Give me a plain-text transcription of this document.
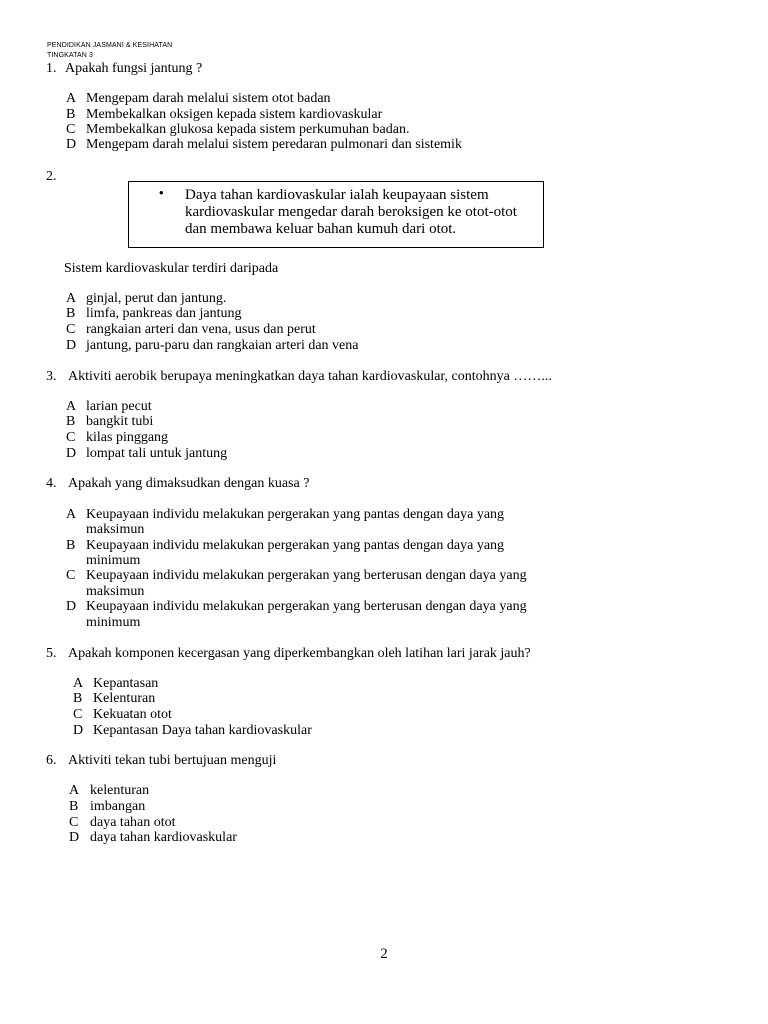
PENDIDIKAN JASMANI & KESIHATAN
TINGKATAN 3
1. Apakah fungsi jantung ?
A Mengepam darah melalui sistem otot badan
B Membekalkan oksigen kepada sistem kardiovaskular
C Membekalkan glukosa kepada sistem perkumuhan badan.
D Mengepam darah melalui sistem peredaran pulmonari dan sistemik
2.
• Daya tahan kardiovaskular ialah keupayaan sistem
kardiovaskular mengedar darah beroksigen ke otot-otot
dan membawa keluar bahan kumuh dari otot.
Sistem kardiovaskular terdiri daripada
A ginjal, perut dan jantung.
B limfa, pankreas dan jantung
C rangkaian arteri dan vena, usus dan perut
D jantung, paru-paru dan rangkaian arteri dan vena
3. Aktiviti aerobik berupaya meningkatkan daya tahan kardiovaskular, contohnya ……...
A larian pecut
B bangkit tubi
C kilas pinggang
D lompat tali untuk jantung
4. Apakah yang dimaksudkan dengan kuasa ?
A Keupayaan individu melakukan pergerakan yang pantas dengan daya yang
maksimun
B Keupayaan individu melakukan pergerakan yang pantas dengan daya yang
minimum
C Keupayaan individu melakukan pergerakan yang berterusan dengan daya yang
maksimun
D Keupayaan individu melakukan pergerakan yang berterusan dengan daya yang
minimum
5. Apakah komponen kecergasan yang diperkembangkan oleh latihan lari jarak jauh?
A Kepantasan
B Kelenturan
C Kekuatan otot
D Kepantasan Daya tahan kardiovaskular
6. Aktiviti tekan tubi bertujuan menguji
A kelenturan
B imbangan
C daya tahan otot
D daya tahan kardiovaskular
2
